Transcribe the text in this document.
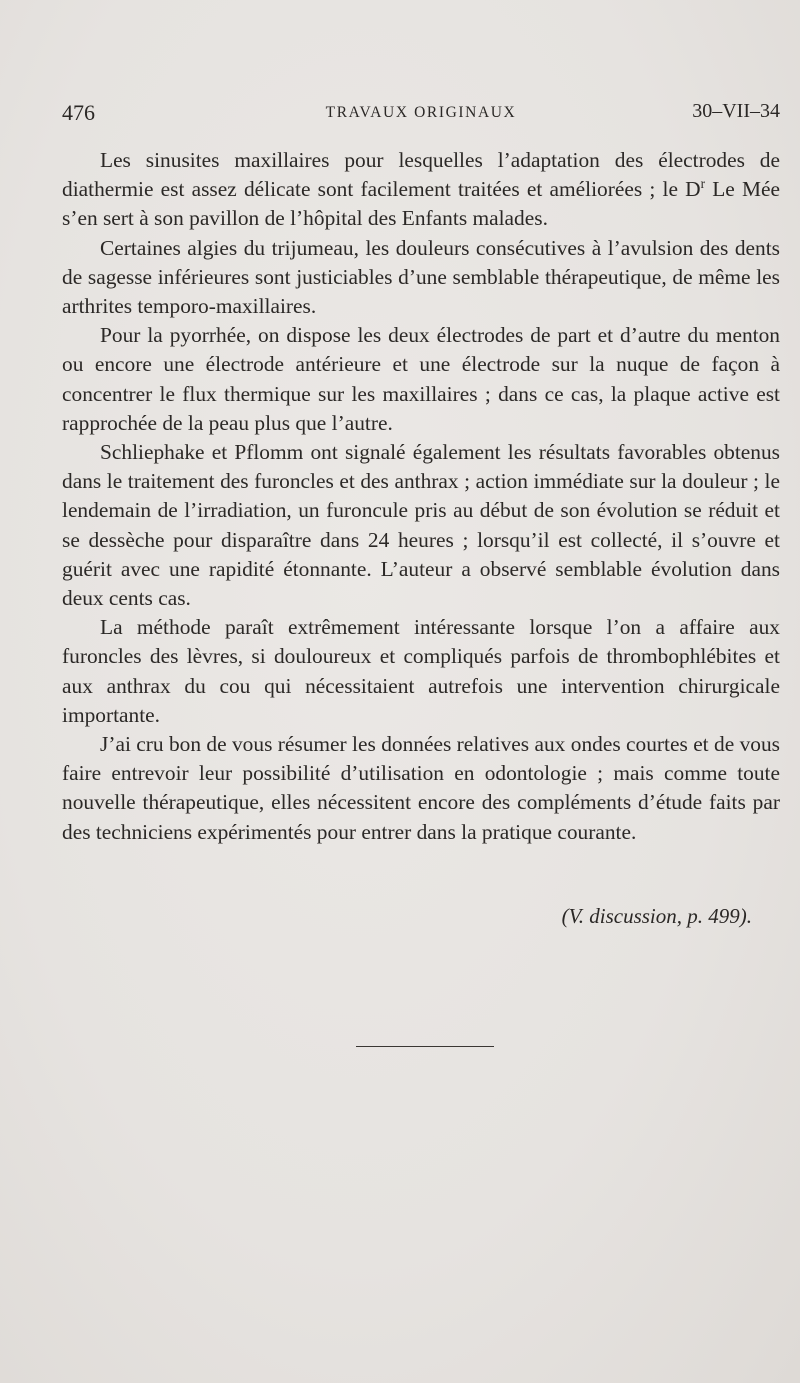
476	TRAVAUX ORIGINAUX	30–VII–34

Les sinusites maxillaires pour lesquelles l’adaptation des électrodes de diathermie est assez délicate sont facilement traitées et améliorées ; le $D^r$ Le Mée s’en sert à son pavillon de l’hôpital des Enfants malades.

Certaines algies du trijumeau, les douleurs consécutives à l’avulsion des dents de sagesse inférieures sont justiciables d’une semblable thérapeutique, de même les arthrites temporo-maxillaires.

Pour la pyorrhée, on dispose les deux électrodes de part et d’autre du menton ou encore une électrode antérieure et une électrode sur la nuque de façon à concentrer le flux thermique sur les maxillaires ; dans ce cas, la plaque active est rapprochée de la peau plus que l’autre.

Schliephake et Pflomm ont signalé également les résultats favorables obtenus dans le traitement des furoncles et des anthrax ; action immédiate sur la douleur ; le lendemain de l’irradiation, un furoncule pris au début de son évolution se réduit et se dessèche pour disparaître dans 24 heures ; lorsqu’il est collecté, il s’ouvre et guérit avec une rapidité étonnante. L’auteur a observé semblable évolution dans deux cents cas.

La méthode paraît extrêmement intéressante lorsque l’on a affaire aux furoncles des lèvres, si douloureux et compliqués parfois de thrombophlébites et aux anthrax du cou qui nécessitaient autrefois une intervention chirurgicale importante.

J’ai cru bon de vous résumer les données relatives aux ondes courtes et de vous faire entrevoir leur possibilité d’utilisation en odontologie ; mais comme toute nouvelle thérapeutique, elles nécessitent encore des compléments d’étude faits par des techniciens expérimentés pour entrer dans la pratique courante.

(V. discussion, p. 499).
